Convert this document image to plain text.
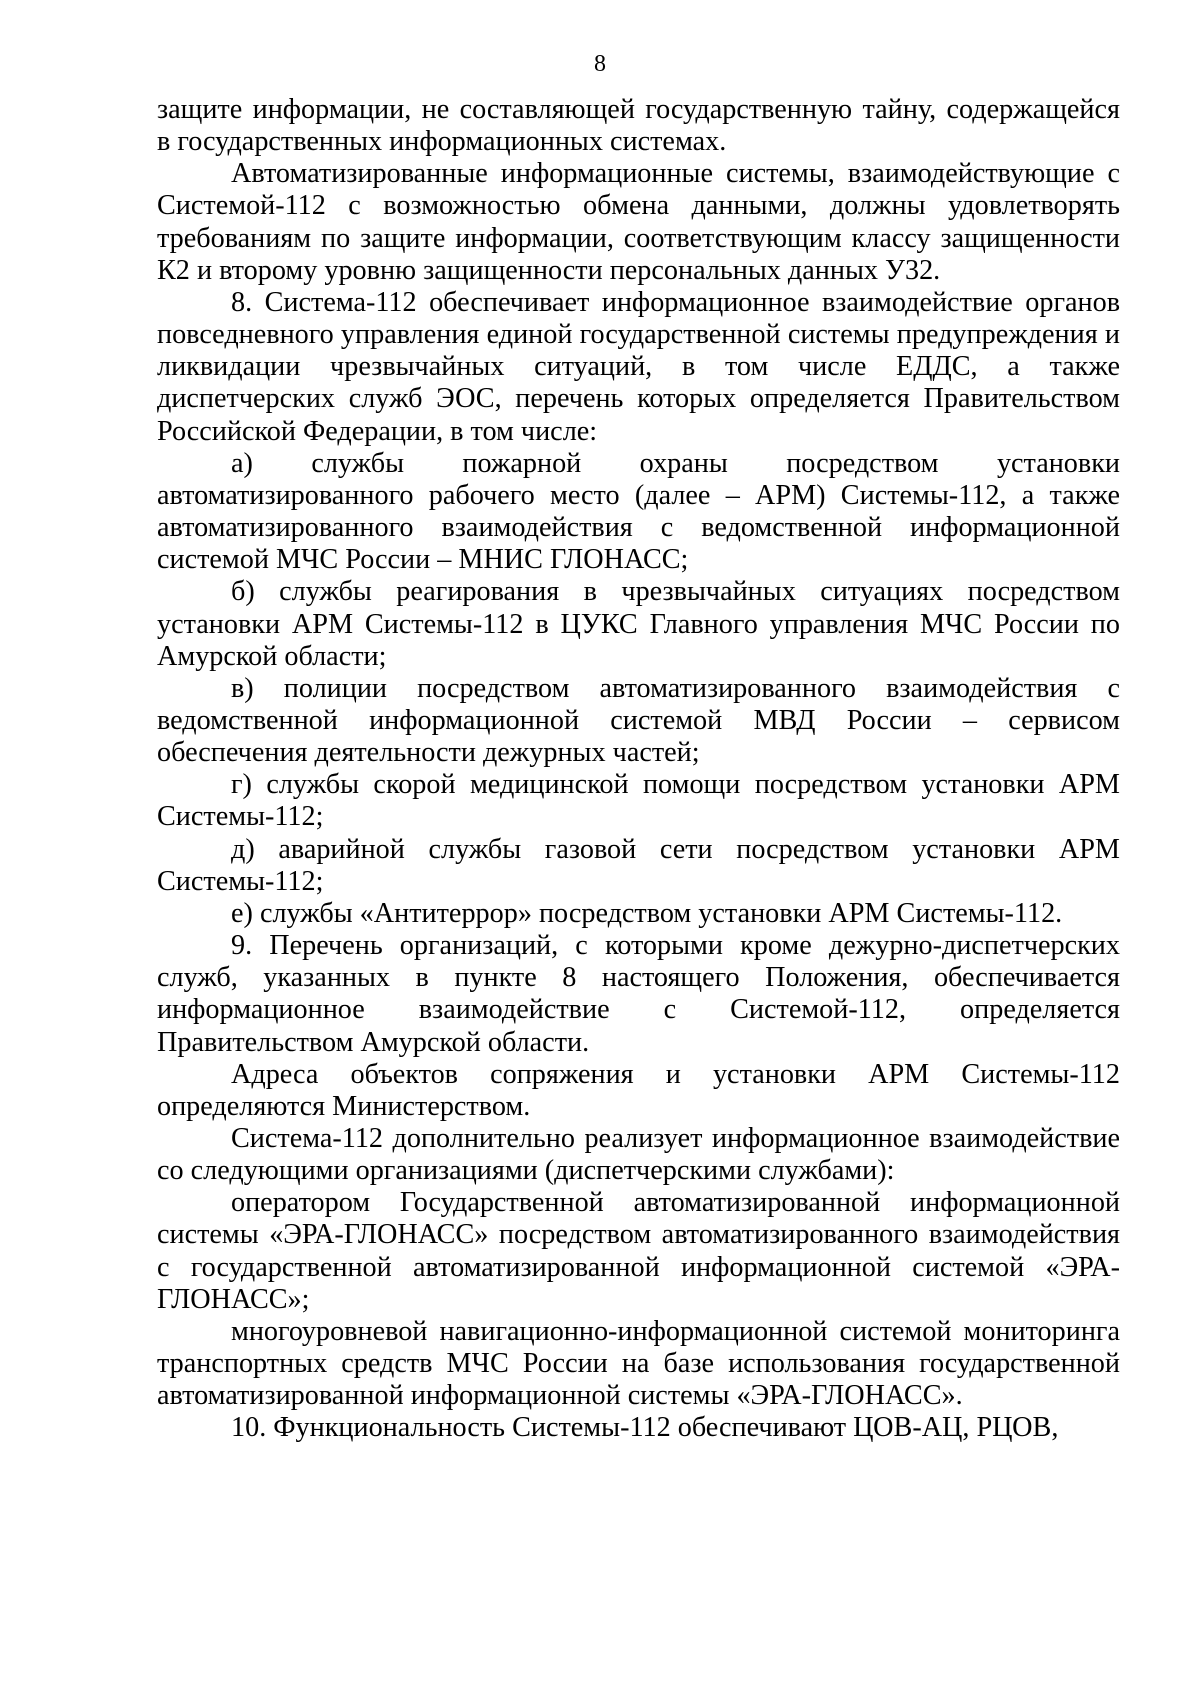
8

защите информации, не составляющей государственную тайну, содержащейся в государственных информационных системах.

Автоматизированные информационные системы, взаимодействующие с Системой-112 с возможностью обмена данными, должны удовлетворять требованиям по защите информации, соответствующим классу защищенности К2 и второму уровню защищенности персональных данных У32.

8. Система-112 обеспечивает информационное взаимодействие органов повседневного управления единой государственной системы предупреждения и ликвидации чрезвычайных ситуаций, в том числе ЕДДС, а также диспетчерских служб ЭОС, перечень которых определяется Правительством Российской Федерации, в том числе:

а) службы пожарной охраны посредством установки автоматизированного рабочего место (далее – АРМ) Системы-112, а также автоматизированного взаимодействия с ведомственной информационной системой МЧС России – МНИС ГЛОНАСС;

б) службы реагирования в чрезвычайных ситуациях посредством установки АРМ Системы-112 в ЦУКС Главного управления МЧС России по Амурской области;

в) полиции посредством автоматизированного взаимодействия с ведомственной информационной системой МВД России – сервисом обеспечения деятельности дежурных частей;

г) службы скорой медицинской помощи посредством установки АРМ Системы-112;

д) аварийной службы газовой сети посредством установки АРМ Системы-112;

е) службы «Антитеррор» посредством установки АРМ Системы-112.

9. Перечень организаций, с которыми кроме дежурно-диспетчерских служб, указанных в пункте 8 настоящего Положения, обеспечивается информационное взаимодействие с Системой-112, определяется Правительством Амурской области.

Адреса объектов сопряжения и установки АРМ Системы-112 определяются Министерством.

Система-112 дополнительно реализует информационное взаимодействие со следующими организациями (диспетчерскими службами):

оператором Государственной автоматизированной информационной системы «ЭРА-ГЛОНАСС» посредством автоматизированного взаимодействия с государственной автоматизированной информационной системой «ЭРА-ГЛОНАСС»;

многоуровневой навигационно-информационной системой мониторинга транспортных средств МЧС России на базе использования государственной автоматизированной информационной системы «ЭРА-ГЛОНАСС».

10. Функциональность Системы-112 обеспечивают ЦОВ-АЦ, РЦОВ,
